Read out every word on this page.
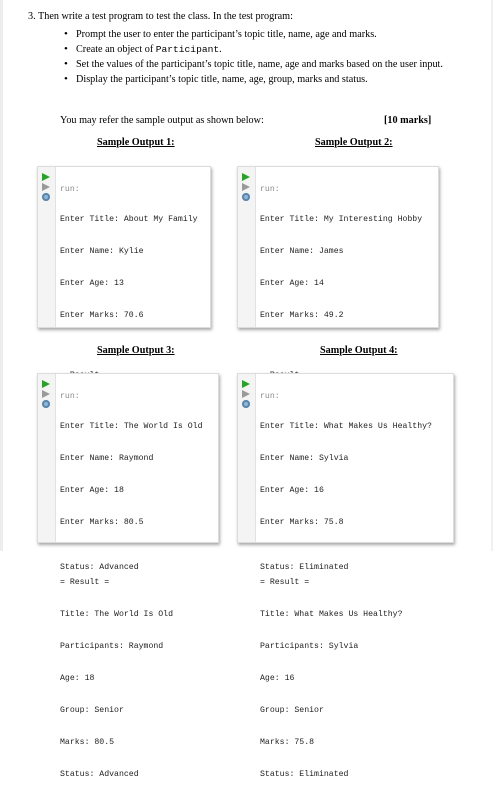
3. Then write a test program to test the class. In the test program:
• Prompt the user to enter the participant’s topic title, name, age and marks.
• Create an object of Participant.
• Set the values of the participant’s topic title, name, age and marks based on the user input.
• Display the participant’s topic title, name, age, group, marks and status.
You may refer the sample output as shown below:	[10 marks]
Sample Output 1:

run:

Enter Title: About My Family

Enter Name: Kylie

Enter Age: 13

Enter Marks: 70.6

Status: Advanced

Sample Output 2:

run:

Enter Title: My Interesting Hobby

Enter Name: James

Enter Age: 14

Enter Marks: 49.2

Status: Eliminated

Sample Output 3:

run:

Enter Title: The World Is Old

Enter Name: Raymond

Enter Age: 18

Enter Marks: 80.5

= Result =

Title: The World Is Old

Participants: Raymond

Age: 18

Group: Senior

Marks: 80.5

Status: Advanced

Sample Output 4:

run:

Enter Title: What Makes Us Healthy?

Enter Name: Sylvia

Enter Age: 16

Enter Marks: 75.8

= Result =

Title: What Makes Us Healthy?

Participants: Sylvia

Age: 16

Group: Senior

Marks: 75.8

Status: Eliminated
